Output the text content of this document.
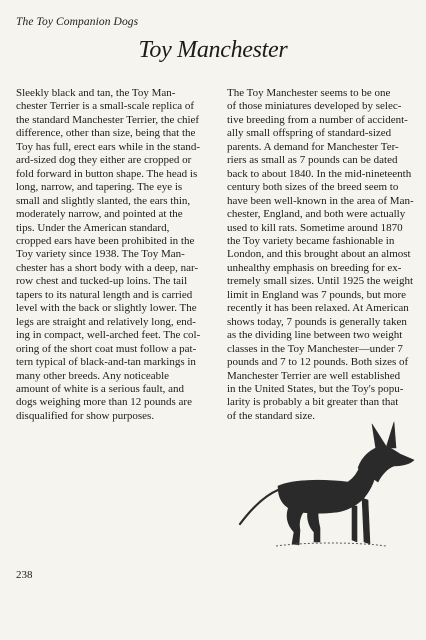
The Toy Companion Dogs
Toy Manchester
Sleekly black and tan, the Toy Man-
chester Terrier is a small-scale replica of
the standard Manchester Terrier, the chief
difference, other than size, being that the
Toy has full, erect ears while in the stand-
ard-sized dog they either are cropped or
fold forward in button shape. The head is
long, narrow, and tapering. The eye is
small and slightly slanted, the ears thin,
moderately narrow, and pointed at the
tips. Under the American standard,
cropped ears have been prohibited in the
Toy variety since 1938. The Toy Man-
chester has a short body with a deep, nar-
row chest and tucked-up loins. The tail
tapers to its natural length and is carried
level with the back or slightly lower. The
legs are straight and relatively long, end-
ing in compact, well-arched feet. The col-
oring of the short coat must follow a pat-
tern typical of black-and-tan markings in
many other breeds. Any noticeable
amount of white is a serious fault, and
dogs weighing more than 12 pounds are
disqualified for show purposes.
The Toy Manchester seems to be one
of those miniatures developed by selec-
tive breeding from a number of accident-
ally small offspring of standard-sized
parents. A demand for Manchester Ter-
riers as small as 7 pounds can be dated
back to about 1840. In the mid-nineteenth
century both sizes of the breed seem to
have been well-known in the area of Man-
chester, England, and both were actually
used to kill rats. Sometime around 1870
the Toy variety became fashionable in
London, and this brought about an almost
unhealthy emphasis on breeding for ex-
tremely small sizes. Until 1925 the weight
limit in England was 7 pounds, but more
recently it has been relaxed. At American
shows today, 7 pounds is generally taken
as the dividing line between two weight
classes in the Toy Manchester—under 7
pounds and 7 to 12 pounds. Both sizes of
Manchester Terrier are well established
in the United States, but the Toy's popu-
larity is probably a bit greater than that
of the standard size.
238
